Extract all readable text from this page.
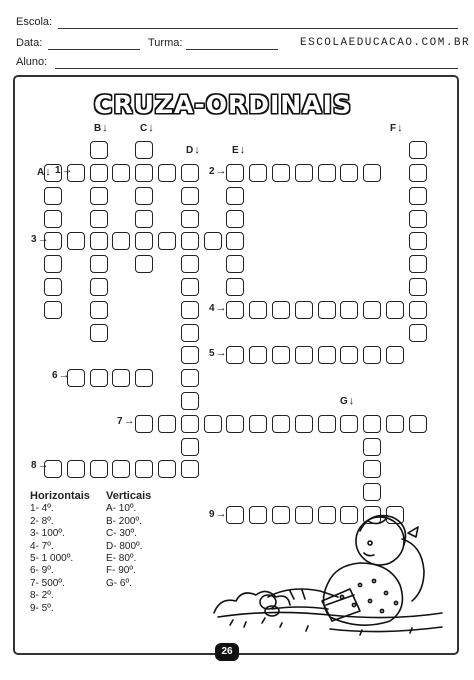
Escola:
Data:	Turma:	ESCOLAEDUCACAO.COM.BR
Aluno:
CRUZA-ORDINAIS
A↓ 1→
B↓	C↓
D↓	E↓
F↓
2→
3→
4→
5→
6→
G↓
7→
8→
9→
Horizontais
1- 4º.
2- 8º.
3- 100º.
4- 7º.
5- 1 000º.
6- 9º.
7- 500º.
8- 2º.
9- 5º.
Verticais
A- 10º.
B- 200º.
C- 30º.
D- 800º.
E- 80º.
F- 90º.
G- 6º.
26
